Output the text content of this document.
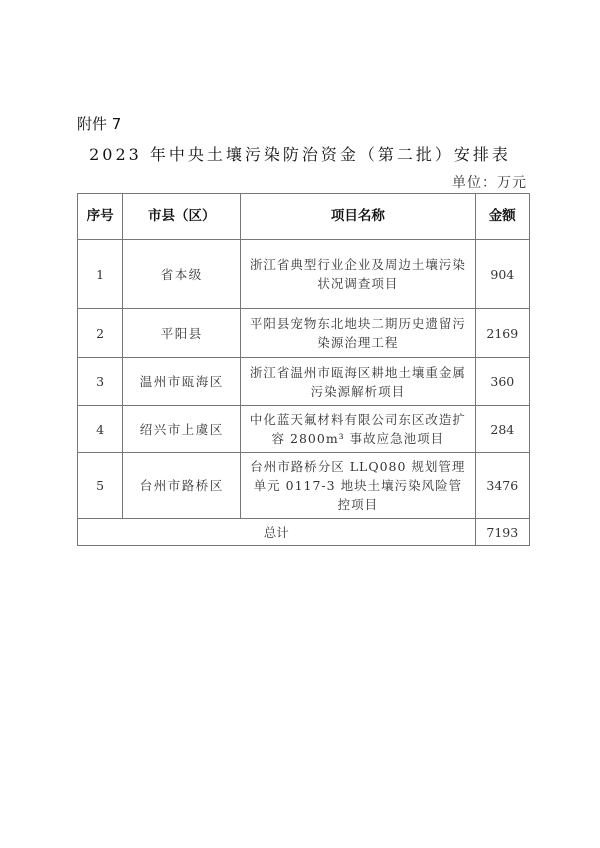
附件 7
2023 年中央土壤污染防治资金（第二批）安排表
单位：万元
序号	市县（区）	项目名称	金额
1	省本级	浙江省典型行业企业及周边土壤污染状况调查项目	904
2	平阳县	平阳县宠物东北地块二期历史遗留污染源治理工程	2169
3	温州市瓯海区	浙江省温州市瓯海区耕地土壤重金属污染源解析项目	360
4	绍兴市上虞区	中化蓝天氟材料有限公司东区改造扩容 2800m³ 事故应急池项目	284
5	台州市路桥区	台州市路桥分区 LLQ080 规划管理单元 0117-3 地块土壤污染风险管控项目	3476
总计			7193
